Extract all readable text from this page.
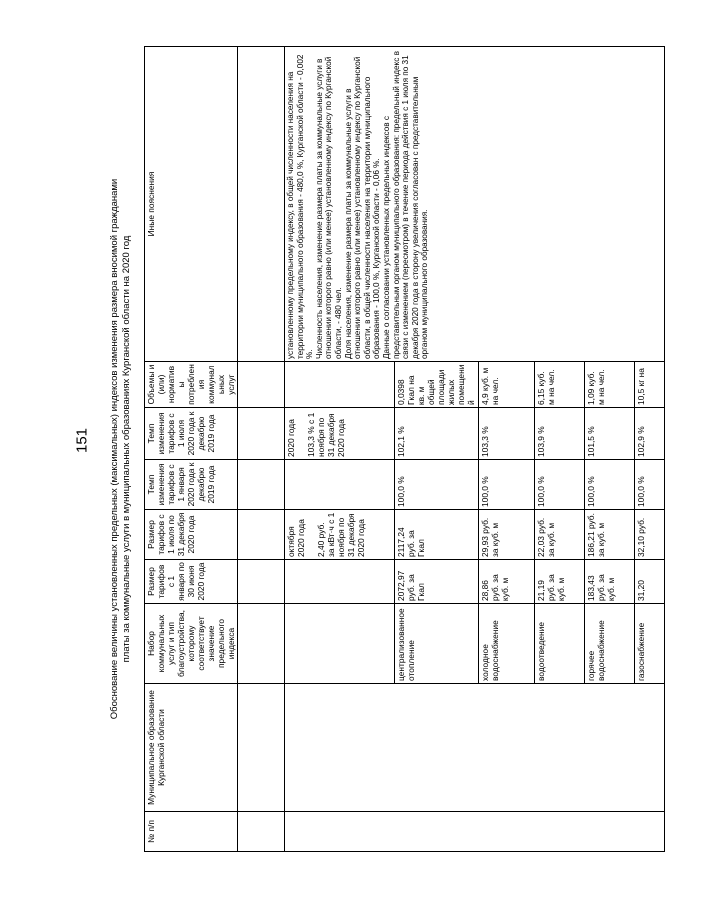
151 Обоснование величины установленных предельных (максимальных) индексов изменения размера вносимой гражданами платы за коммунальные услуги в муниципальных образованиях Курганской области на 2020 год
№ п/п	Муниципальное образование Курганской области	Набор коммунальных услуг и тип благоустройства, которому соответствует значение предельного индекса	Размер тарифов с 1 января по 30 июня 2020 года	Размер тарифов с 1 июля по 31 декабря 2020 года	Темп изменения тарифов с 1 января 2020 года к декабрю 2019 года	Темп изменения тарифов с 1 июля 2020 года к декабрю 2019 года	Объемы и (или) нормативы потребления коммунальных услуг	Иные пояснения

				октября 2020 года 2,40 руб. за кВт·ч с 1 ноября по 31 декабря 2020 года		2020 года 103,3 % с 1 ноября по 31 декабря 2020 года		установленному предельному индексу, в общей численности населения на территории муниципального образования - 480,0 %, Курганской области - 0,002 %.
Численность населения, изменение размера платы за коммунальные услуги в отношении которого равно (или менее) установленному индексу по Курганской области, - 480 чел.
Доля населения, изменение размера платы за коммунальные услуги в отношении которого равно (или менее) установленному индексу по Курганской области, в общей численности населения на территории муниципального образования - 100,0 %, Курганской области - 0,06 %.
Данные о согласовании установленных предельных индексов с представительным органом муниципального образования: предельный индекс в связи с изменением (пересмотром) в течение периода действия с 1 июля по 31 декабря 2020 года в сторону увеличения согласован с представительным органом муниципального образования.
		централизованное отопление	2072,97 руб. за Гкал	2117,24 руб. за Гкал	100,0 %	102,1 %	0,0398 Гкал на кв. м общей площади жилых помещений	
		холодное водоснабжение	28,86 руб. за куб. м	29,93 руб. за куб. м	100,0 %	103,3 %	4,9 куб. м на чел.	
		водоотведение	21,19 руб. за куб. м	22,03 руб. за куб. м	100,0 %	103,9 %	6,15 куб. м на чел.	
		горячее водоснабжение	183,43 руб. за куб. м	186,21 руб. за куб. м	100,0 %	101,5 %	1,09 куб. м на чел.	
		газоснабжение	31,20	32,10 руб.	100,0 %	102,9 %	10,5 кг на	
